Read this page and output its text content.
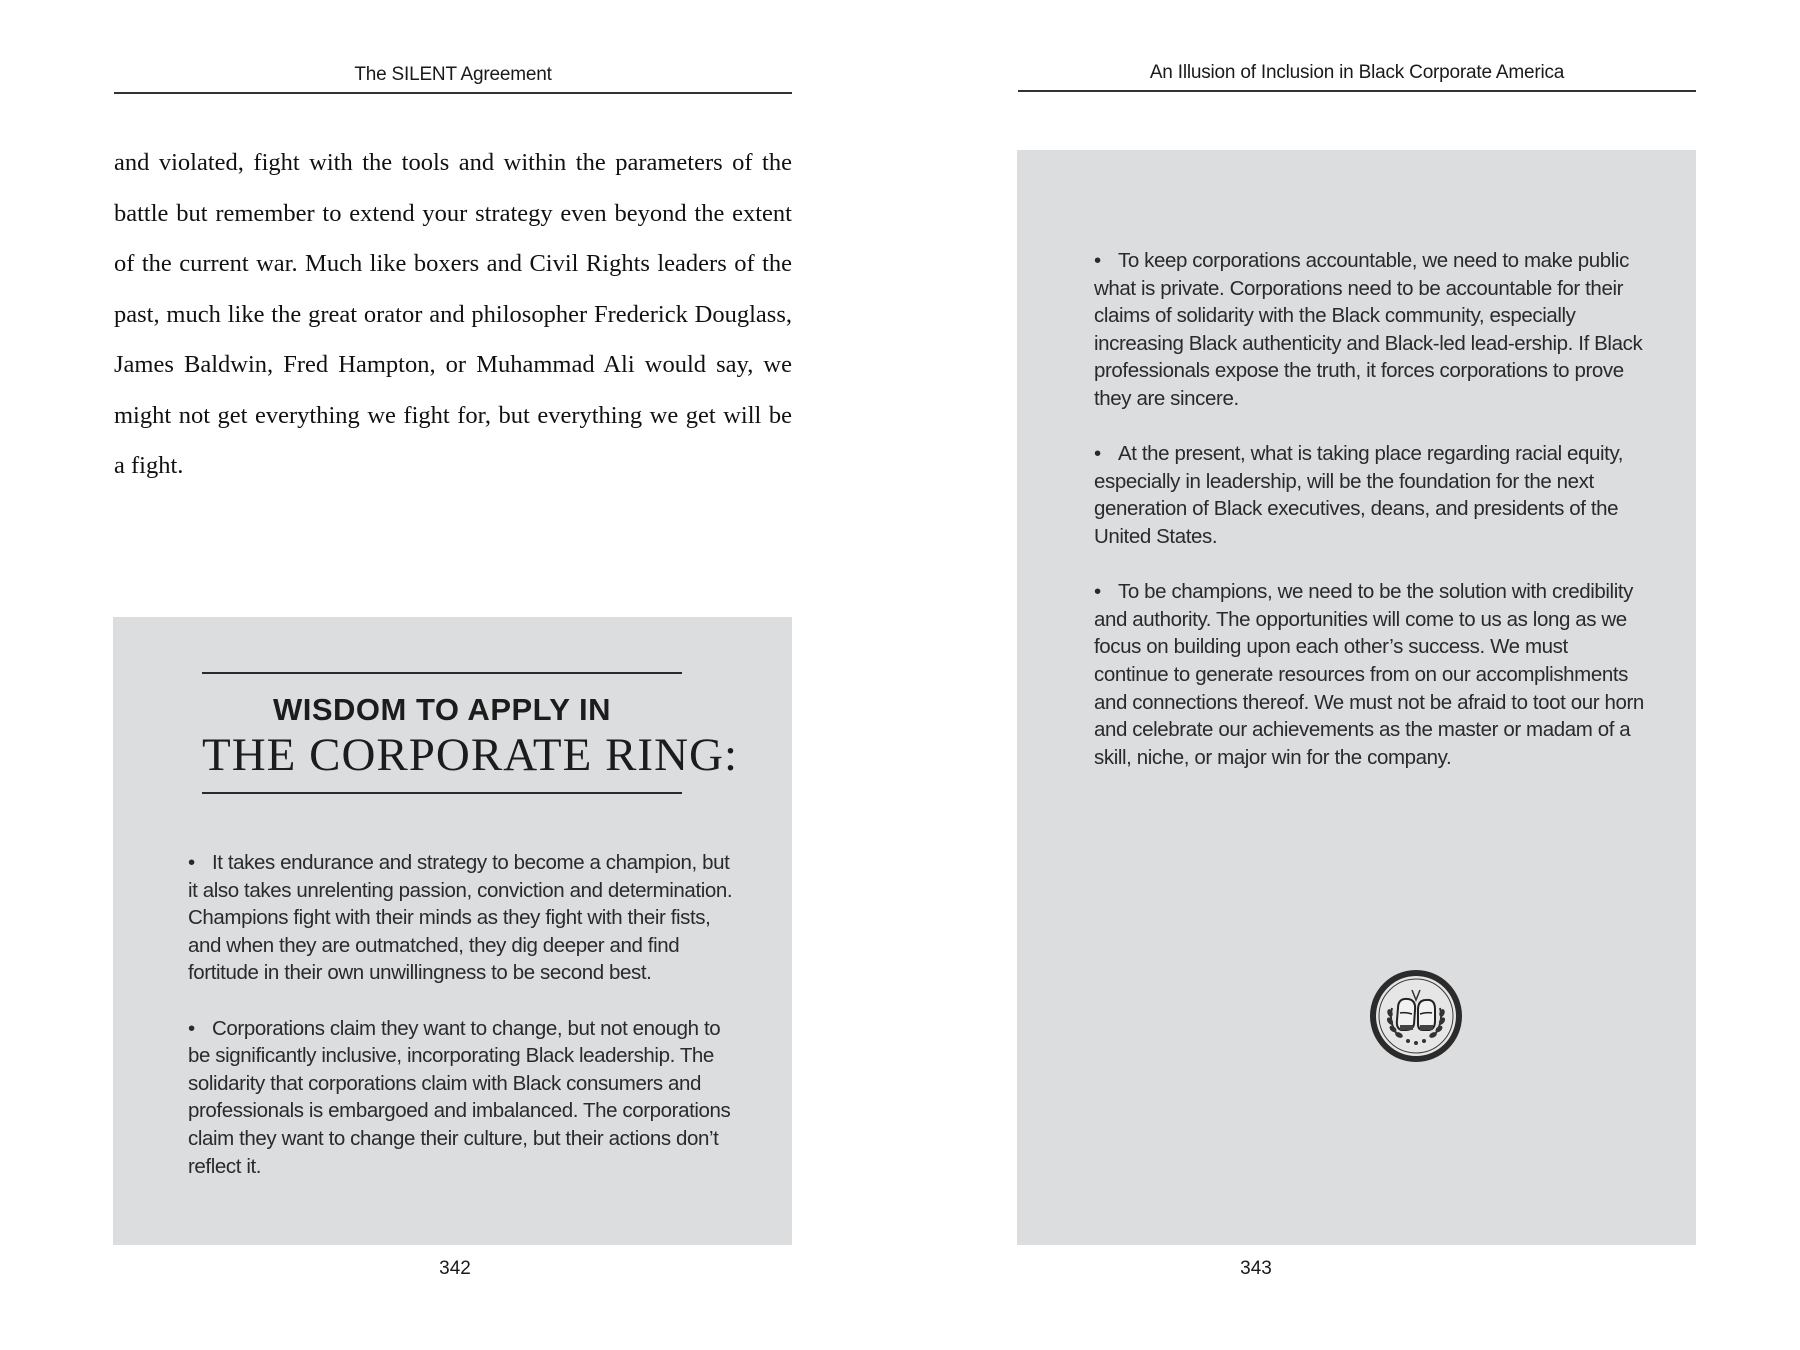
The SILENT Agreement

and violated, fight with the tools and within the parameters of the battle but remember to extend your strategy even beyond the extent of the current war. Much like boxers and Civil Rights leaders of the past, much like the great orator and philosopher Frederick Douglass, James Baldwin, Fred Hampton, or Muhammad Ali would say, we might not get everything we fight for, but everything we get will be a fight.

WISDOM TO APPLY IN
THE CORPORATE RING:

• It takes endurance and strategy to become a champion, but it also takes unrelenting passion, conviction and determination. Champions fight with their minds as they fight with their fists, and when they are outmatched, they dig deeper and find fortitude in their own unwillingness to be second best.

• Corporations claim they want to change, but not enough to be significantly inclusive, incorporating Black leadership. The solidarity that corporations claim with Black consumers and professionals is embargoed and imbalanced. The corporations claim they want to change their culture, but their actions don’t reflect it.

342
An Illusion of Inclusion in Black Corporate America

• To keep corporations accountable, we need to make public what is private. Corporations need to be accountable for their claims of solidarity with the Black community, especially increasing Black authenticity and Black-led lead-ership. If Black professionals expose the truth, it forces corporations to prove they are sincere.

• At the present, what is taking place regarding racial equity, especially in leadership, will be the foundation for the next generation of Black executives, deans, and presidents of the United States.

• To be champions, we need to be the solution with credibility and authority. The opportunities will come to us as long as we focus on building upon each other’s success. We must continue to generate resources from on our accomplishments and connections thereof. We must not be afraid to toot our horn and celebrate our achievements as the master or madam of a skill, niche, or major win for the company.

343
